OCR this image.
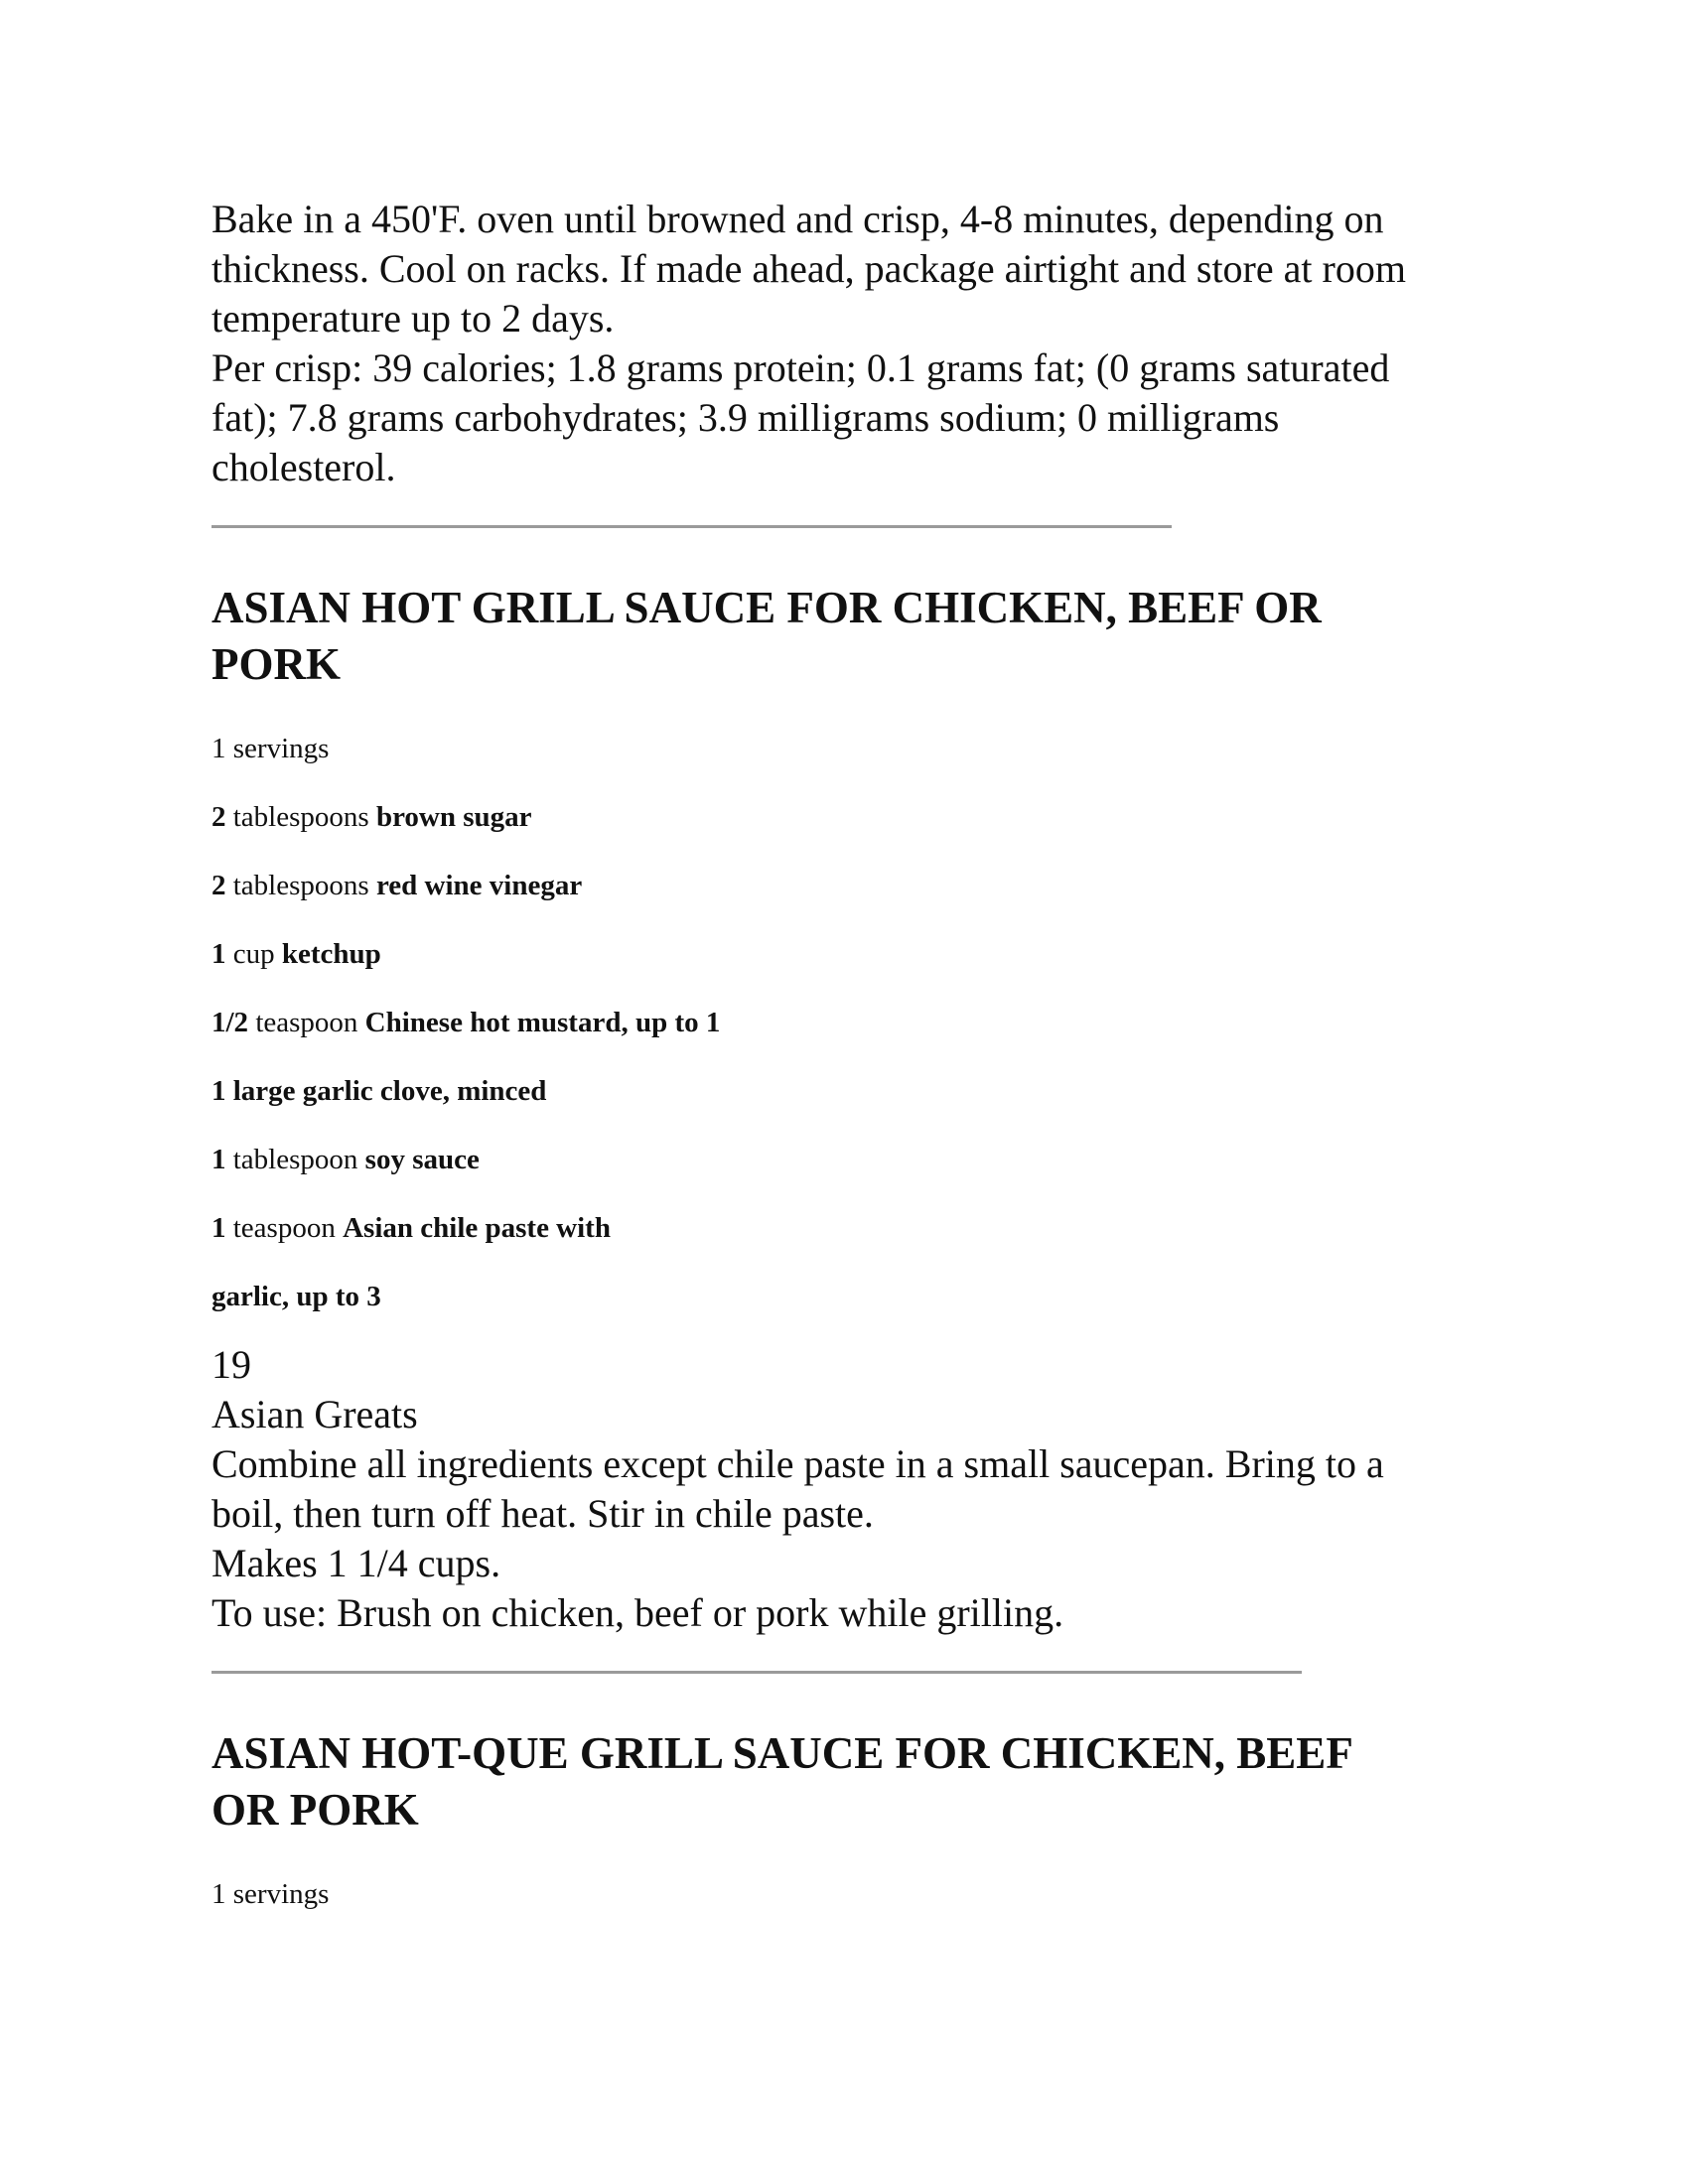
Bake in a 450'F. oven until browned and crisp, 4-8 minutes, depending on
thickness. Cool on racks. If made ahead, package airtight and store at room
temperature up to 2 days.
Per crisp: 39 calories; 1.8 grams protein; 0.1 grams fat; (0 grams saturated
fat); 7.8 grams carbohydrates; 3.9 milligrams sodium; 0 milligrams
cholesterol.
ASIAN HOT GRILL SAUCE FOR CHICKEN, BEEF OR
PORK
1 servings
2 tablespoons brown sugar
2 tablespoons red wine vinegar
1 cup ketchup
1/2 teaspoon Chinese hot mustard, up to 1
1 large garlic clove, minced
1 tablespoon soy sauce
1 teaspoon Asian chile paste with
garlic, up to 3
19
Asian Greats
Combine all ingredients except chile paste in a small saucepan. Bring to a
boil, then turn off heat. Stir in chile paste.
Makes 1 1/4 cups.
To use: Brush on chicken, beef or pork while grilling.
ASIAN HOT-QUE GRILL SAUCE FOR CHICKEN, BEEF
OR PORK
1 servings
